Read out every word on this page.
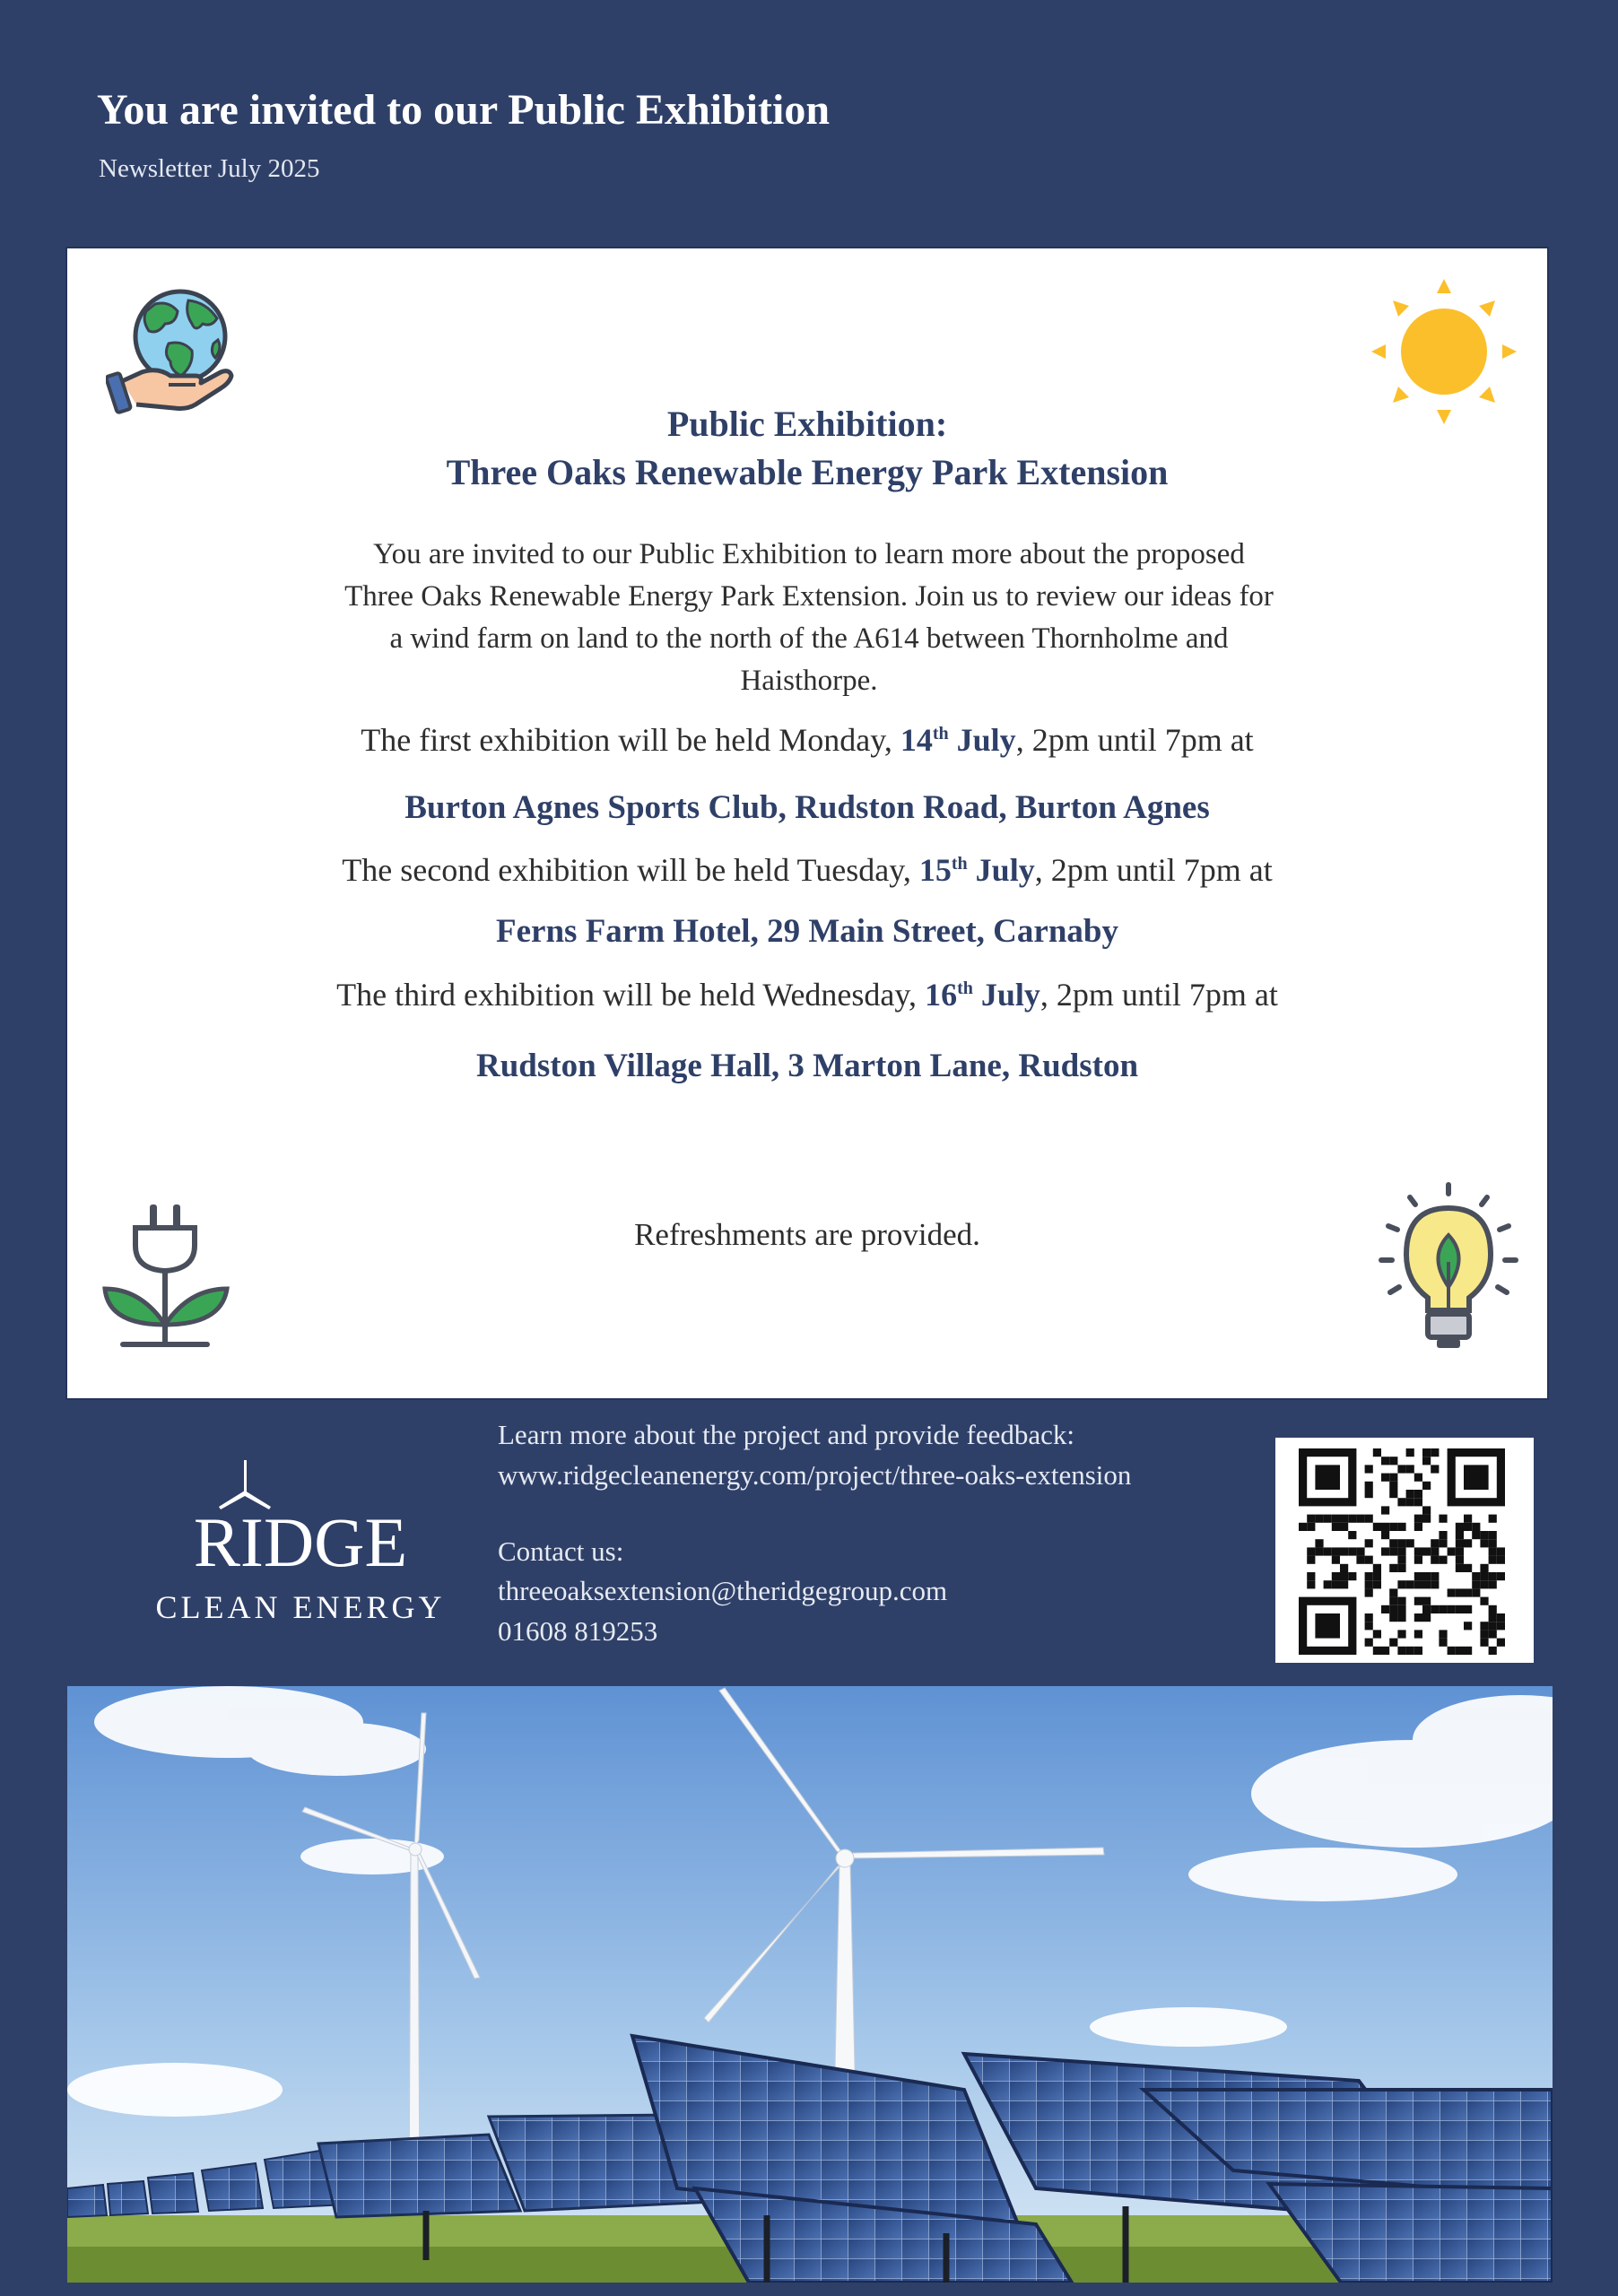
You are invited to our Public Exhibition
Newsletter July 2025
Public Exhibition:
Three Oaks Renewable Energy Park Extension
You are invited to our Public Exhibition to learn more about the proposed Three Oaks Renewable Energy Park Extension. Join us to review our ideas for a wind farm on land to the north of the A614 between Thornholme and Haisthorpe.
The first exhibition will be held Monday, 14th July, 2pm until 7pm at
Burton Agnes Sports Club, Rudston Road, Burton Agnes
The second exhibition will be held Tuesday, 15th July, 2pm until 7pm at
Ferns Farm Hotel, 29 Main Street, Carnaby
The third exhibition will be held Wednesday, 16th July, 2pm until 7pm at
Rudston Village Hall, 3 Marton Lane, Rudston
Refreshments are provided.
RIDGE
CLEAN ENERGY
Learn more about the project and provide feedback:
www.ridgecleanenergy.com/project/three-oaks-extension
Contact us:
threeoaksextension@theridgegroup.com
01608 819253
